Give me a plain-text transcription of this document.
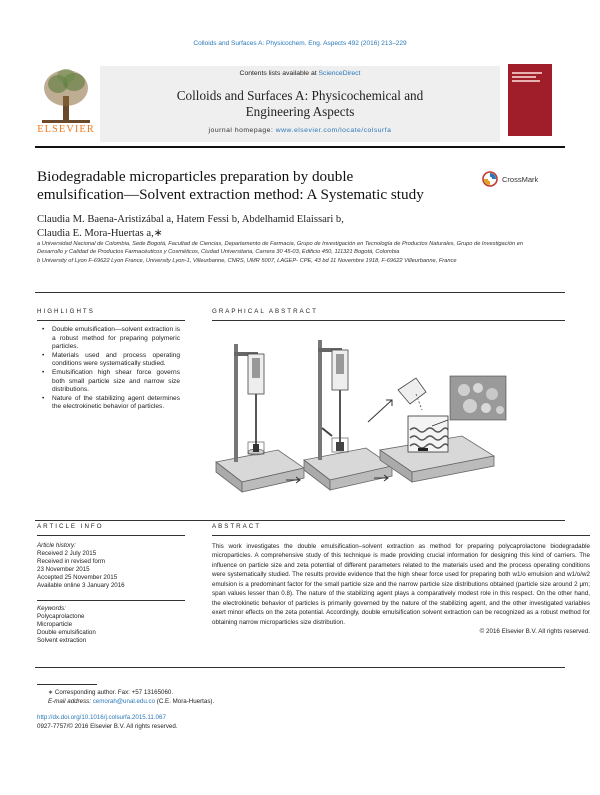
Colloids and Surfaces A: Physicochem. Eng. Aspects 492 (2016) 213–229
ELSEVIER
Contents lists available at ScienceDirect
Colloids and Surfaces A: Physicochemical and
Engineering Aspects
journal homepage: www.elsevier.com/locate/colsurfa
Biodegradable microparticles preparation by double
emulsification—Solvent extraction method: A Systematic study
CrossMark
Claudia M. Baena-Aristizábal a, Hatem Fessi b, Abdelhamid Elaissari b,
Claudia E. Mora-Huertas a,∗
a Universidad Nacional de Colombia, Sede Bogotá, Facultad de Ciencias, Departamento de Farmacia, Grupo de Investigación en Tecnología de Productos Naturales, Grupo de Investigación en Desarrollo y Calidad de Productos Farmacéuticos y Cosméticos, Ciudad Universitaria, Carrera 30 45-03, Edificio 450, 111321 Bogotá, Colombia
b University of Lyon F-69622 Lyon France, University Lyon-1, Villeurbanne, CNRS, UMR 5007, LAGEP- CPE, 43 bd 11 Novembre 1918, F-69622 Villeurbanne, France
HIGHLIGHTS
• Double emulsification—solvent extraction is a robust method for preparing polymeric particles.
• Materials used and process operating conditions were systematically studied.
• Emulsification high shear force governs both small particle size and narrow size distributions.
• Nature of the stabilizing agent determines the electrokinetic behavior of particles.
GRAPHICAL ABSTRACT
ARTICLE INFO
Article history:
Received 2 July 2015
Received in revised form
23 November 2015
Accepted 25 November 2015
Available online 3 January 2016
Keywords:
Polycaprolactone
Microparticle
Double emulsification
Solvent extraction
ABSTRACT
This work investigates the double emulsification–solvent extraction as method for preparing polycaprolactone biodegradable microparticles. A comprehensive study of this technique is made providing crucial information for designing this kind of carriers. The influence on particle size and zeta potential of different parameters related to the materials used and the process operating conditions were systematically studied. The results provide evidence that the high shear force used for preparing both w1/o emulsion and w1/o/w2 emulsion is a predominant factor for the small particle size and the narrow particle size distributions obtained (particle size around 2 μm; span values lesser than 0.8). The nature of the stabilizing agent plays a comparatively modest role in this respect. On the other hand, the electrokinetic behavior of particles is primarily governed by the nature of the stabilizing agent, and the other investigated variables exert minor effects on the zeta potential. Accordingly, double emulsification solvent extraction can be recognized as a robust method for obtaining narrow microparticles size distribution.
© 2016 Elsevier B.V. All rights reserved.
∗ Corresponding author. Fax: +57 13165060.
E-mail address: cemorah@unal.edu.co (C.E. Mora-Huertas).
http://dx.doi.org/10.1016/j.colsurfa.2015.11.067
0927-7757/© 2016 Elsevier B.V. All rights reserved.
